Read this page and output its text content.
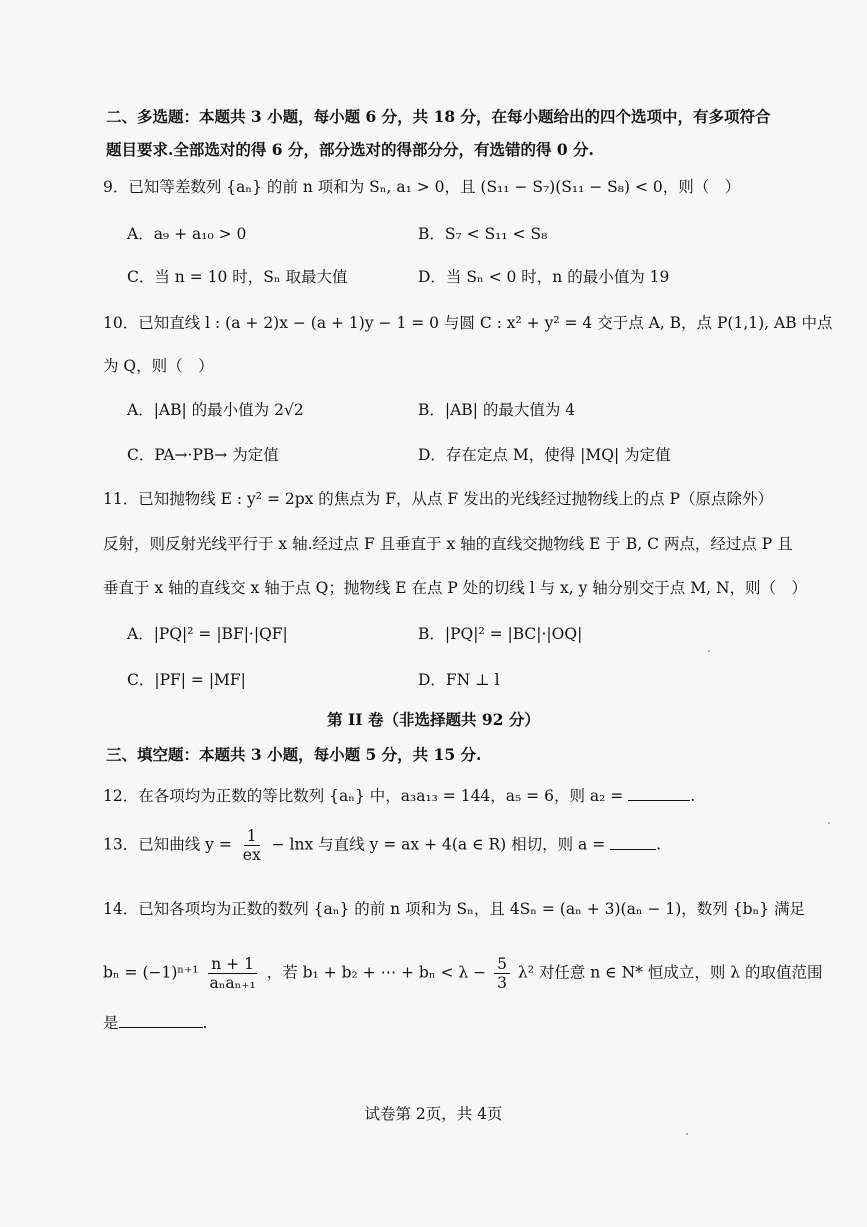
二、多选题：本题共 3 小题，每小题 6 分，共 18 分，在每小题给出的四个选项中，有多项符合
题目要求.全部选对的得 6 分，部分选对的得部分分，有选错的得 0 分.
9．已知等差数列 {aₙ} 的前 n 项和为 Sₙ, a₁ > 0，且 (S₁₁ − S₇)(S₁₁ − S₈) < 0，则（　）
A．a₉ + a₁₀ > 0	B．S₇ < S₁₁ < S₈
C．当 n = 10 时，Sₙ 取最大值	D．当 Sₙ < 0 时，n 的最小值为 19
10．已知直线 l : (a + 2)x − (a + 1)y − 1 = 0 与圆 C : x² + y² = 4 交于点 A, B，点 P(1,1), AB 中点
为 Q，则（　）
A．|AB| 的最小值为 2√2	B．|AB| 的最大值为 4
C．PA→·PB→ 为定值	D．存在定点 M，使得 |MQ| 为定值
11．已知抛物线 E : y² = 2px 的焦点为 F，从点 F 发出的光线经过抛物线上的点 P（原点除外）
反射，则反射光线平行于 x 轴.经过点 F 且垂直于 x 轴的直线交抛物线 E 于 B, C 两点，经过点 P 且
垂直于 x 轴的直线交 x 轴于点 Q；抛物线 E 在点 P 处的切线 l 与 x, y 轴分别交于点 M, N，则（　）
A．|PQ|² = |BF|·|QF|	B．|PQ|² = |BC|·|OQ|
C．|PF| = |MF|	D．FN ⊥ l
第 II 卷（非选择题共 92 分）
三、填空题：本题共 3 小题，每小题 5 分，共 15 分.
12．在各项均为正数的等比数列 {aₙ} 中，a₃a₁₃ = 144，a₅ = 6，则 a₂ =	.
13．已知曲线 $y = \frac{1}{ex} - \ln x$ 与直线 y = ax + 4(a ∈ R) 相切，则 a =	.
14．已知各项均为正数的数列 {aₙ} 的前 n 项和为 Sₙ，且 4Sₙ = (aₙ + 3)(aₙ − 1)，数列 {bₙ} 满足
$b_n = (-1)^{n+1} \frac{n + 1}{\text{aₙaₙ₊₁}}$ ，若 b₁ + b₂ + ⋯ + $b_n < \lambda - \frac{5}{3} \lambda^2$ 对任意 n ∈ N* 恒成立，则 λ 的取值范围
是	.
试卷第 2页，共 4页
